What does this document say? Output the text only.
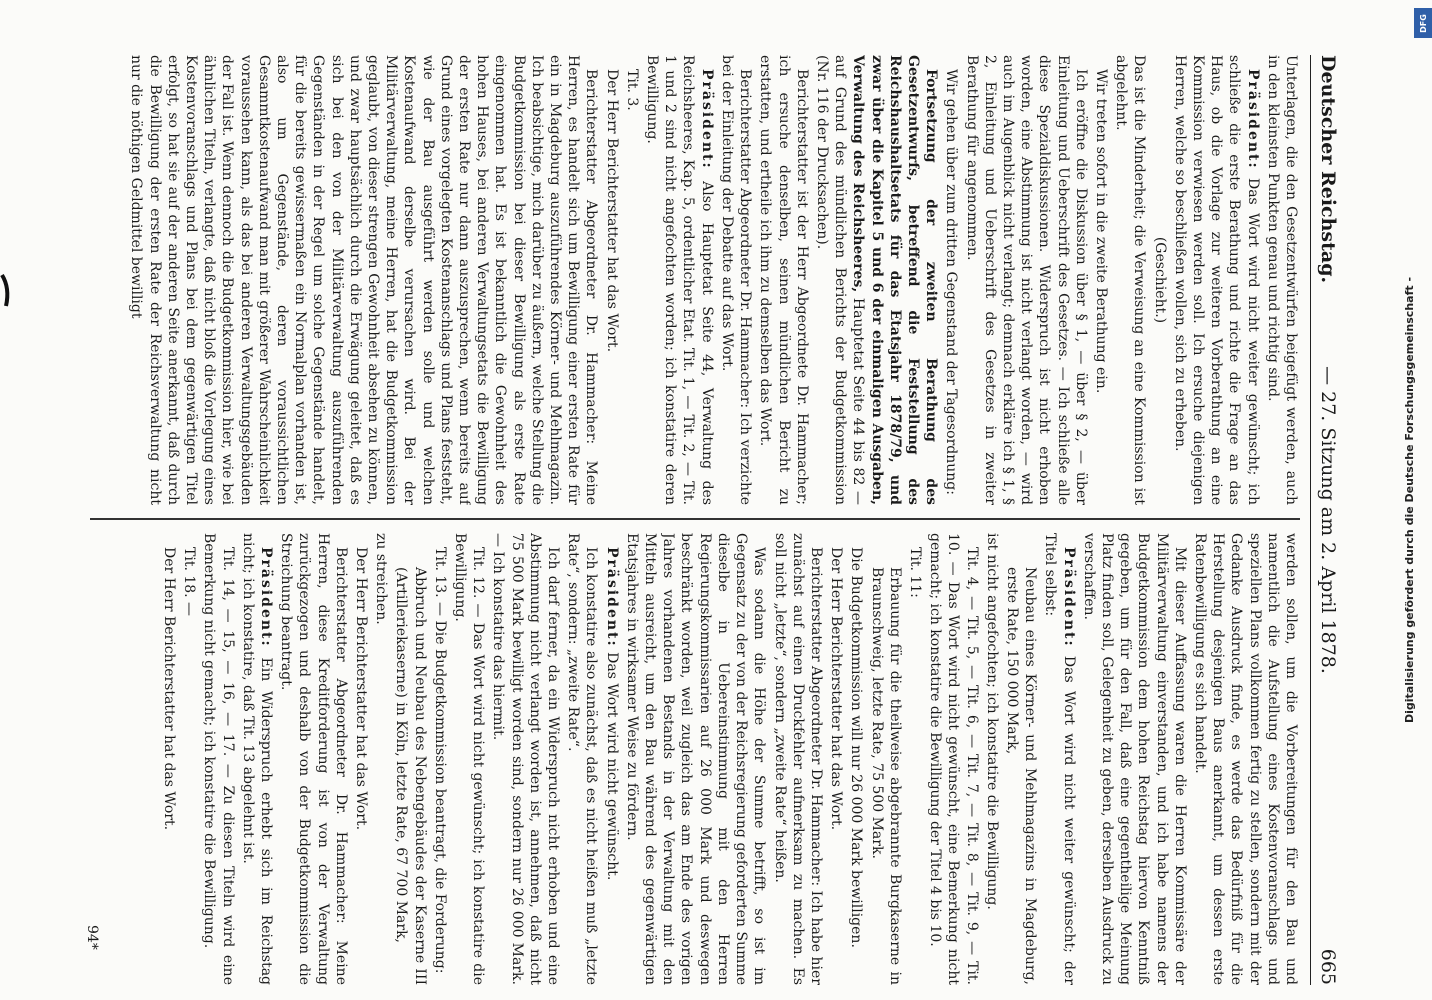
Deutscher Reichstag.
— 27. Sitzung am 2. April 1878.
665

Unterlagen, die den Gesetzentwürfen beigefügt werden, auch in den kleinsten Punkten genau und richtig sind.

Präsident: Das Wort wird nicht weiter gewünscht; ich schließe die erste Berathung und richte die Frage an das Haus, ob die Vorlage zur weiteren Vorberathung an eine Kommission verwiesen werden soll. Ich ersuche diejenigen Herren, welche so beschließen wollen, sich zu erheben.

(Geschieht.)

Das ist die Minderheit; die Verweisung an eine Kommission ist abgelehnt.

Wir treten sofort in die zweite Berathung ein.

Ich eröffne die Diskussion über § 1, — über § 2, — über Einleitung und Ueberschrift des Gesetzes. — Ich schließe alle diese Spezialdiskussionen. Widerspruch ist nicht erhoben worden, eine Abstimmung ist nicht verlangt worden, — wird auch im Augenblick nicht verlangt; demnach erkläre ich § 1, § 2, Einleitung und Ueberschrift des Gesetzes in zweiter Berathung für angenommen.

Wir gehen über zum dritten Gegenstand der Tagesordnung:

Fortsetzung der zweiten Berathung des Gesetzentwurfs, betreffend die Feststellung des Reichshaushaltsetats für das Etatsjahr 1878/79, und zwar über die Kapitel 5 und 6 der einmaligen Ausgaben, Verwaltung des Reichsheeres, Hauptetat Seite 44 bis 82 — auf Grund des mündlichen Berichts der Budgetkommission (Nr. 116 der Drucksachen).

Berichterstatter ist der Herr Abgeordnete Dr. Hammacher; ich ersuche denselben, seinen mündlichen Bericht zu erstatten, und ertheile ich ihm zu demselben das Wort.

Berichterstatter Abgeordneter Dr. Hammacher: Ich verzichte bei der Einleitung der Debatte auf das Wort.

Präsident: Also Hauptetat Seite 44, Verwaltung des Reichsheeres, Kap. 5, ordentlicher Etat. Tit. 1, — Tit. 2, — Tit. 1 und 2 sind nicht angefochten worden; ich konstatire deren Bewilligung.

Tit. 3.

Der Herr Berichterstatter hat das Wort.

Berichterstatter Abgeordneter Dr. Hammacher: Meine Herren, es handelt sich um Bewilligung einer ersten Rate für ein in Magdeburg auszuführendes Körner- und Mehlmagazin. Ich beabsichtige, mich darüber zu äußern, welche Stellung die Budgetkommission bei dieser Bewilligung als erste Rate eingenommen hat. Es ist bekanntlich die Gewohnheit des hohen Hauses, bei anderen Verwaltungsetats die Bewilligung der ersten Rate nur dann auszusprechen, wenn bereits auf Grund eines vorgelegten Kostenanschlags und Plans feststeht, wie der Bau ausgeführt werden solle und welchen Kostenaufwand derselbe verursachen wird. Bei der Militärverwaltung, meine Herren, hat die Budgetkommission geglaubt, von dieser strengen Gewohnheit absehen zu können, und zwar hauptsächlich durch die Erwägung geleitet, daß es sich bei den von der Militärverwaltung auszuführenden Gegenständen in der Regel um solche Gegenstände handelt, für die bereits gewissermaßen ein Normalplan vorhanden ist, also um Gegenstände, deren voraussichtlichen Gesammtkostenaufwand man mit größerer Wahrscheinlichkeit voraussehen kann, als das bei anderen Verwaltungsgebäuden der Fall ist. Wenn dennoch die Budgetkommission hier, wie bei ähnlichen Titeln, verlangte, daß nicht bloß die Vorlegung eines Kostenvoranschlags und Plans bei dem gegenwärtigen Titel erfolgt, so hat sie auf der anderen Seite anerkannt, daß durch die Bewilligung der ersten Rate der Reichsverwaltung nicht nur die nöthigen Geldmittel bewilligt

werden sollen, um die Vorbereitungen für den Bau und namentlich die Aufstellung eines Kostenvoranschlags und speziellen Plans vollkommen fertig zu stellen, sondern mit der Gedanke Ausdruck finde, es werde das Bedürfniß für die Herstellung desjenigen Baus anerkannt, um dessen erste Ratenbewilligung es sich handelt.

Mit dieser Auffassung waren die Herren Kommissäre der Militärverwaltung einverstanden, und ich habe namens der Budgetkommission dem hohen Reichstag hiervon Kenntniß gegeben, um für den Fall, daß eine gegentheilige Meinung Platz finden soll, Gelegenheit zu geben, derselben Ausdruck zu verschaffen.

Präsident: Das Wort wird nicht weiter gewünscht; der Titel selbst:

Neubau eines Körner- und Mehlmagazins in Magdeburg, erste Rate, 150 000 Mark,

ist nicht angefochten; ich konstatire die Bewilligung.

Tit. 4, — Tit. 5, — Tit. 6, — Tit. 7, — Tit. 8, — Tit. 9, — Tit. 10. — Das Wort wird nicht gewünscht, eine Bemerkung nicht gemacht; ich konstatire die Bewilligung der Titel 4 bis 10.

Tit. 11:

Erbauung für die theilweise abgebrannte Burgkaserne in Braunschweig, letzte Rate, 75 500 Mark.

Die Budgetkommission will nur 26 000 Mark bewilligen.

Der Herr Berichterstatter hat das Wort.

Berichterstatter Abgeordneter Dr. Hammacher: Ich habe hier zunächst auf einen Druckfehler aufmerksam zu machen. Es soll nicht „letzte“, sondern „zweite Rate“ heißen.

Was sodann die Höhe der Summe betrifft, so ist im Gegensatz zu der von der Reichsregierung geforderten Summe dieselbe in Uebereinstimmung mit den Herren Regierungskommissarien auf 26 000 Mark und deswegen beschränkt worden, weil zugleich das am Ende des vorigen Jahres vorhandenen Bestands in der Verwaltung mit den Mitteln ausreicht, um den Bau während des gegenwärtigen Etatsjahres in wirksamer Weise zu fördern.

Präsident: Das Wort wird nicht gewünscht.

Ich konstatire also zunächst, daß es nicht heißen muß „letzte Rate“, sondern: „zweite Rate“.

Ich darf ferner, da ein Widerspruch nicht erhoben und eine Abstimmung nicht verlangt worden ist, annehmen, daß nicht 75 500 Mark bewilligt worden sind, sondern nur 26 000 Mark. — Ich konstatire das hiermit.

Tit. 12. — Das Wort wird nicht gewünscht; ich konstatire die Bewilligung.

Tit. 13. — Die Budgetkommission beantragt, die Forderung:

Abbruch und Neubau des Nebengebäudes der Kaserne III (Artilleriekaserne) in Köln, letzte Rate, 67 700 Mark,

zu streichen.

Der Herr Berichterstatter hat das Wort.

Berichterstatter Abgeordneter Dr. Hammacher: Meine Herren, diese Kreditforderung ist von der Verwaltung zurückgezogen und deshalb von der Budgetkommission die Streichung beantragt.

Präsident: Ein Widerspruch erhebt sich im Reichstag nicht; ich konstatire, daß Tit. 13 abgelehnt ist.

Tit. 14, — 15, — 16, — 17. — Zu diesen Titeln wird eine Bemerkung nicht gemacht; ich konstatire die Bewilligung.

Tit. 18. —

Der Herr Berichterstatter hat das Wort.

94*
DFG
Digitalisierung gefördert durch die Deutsche Forschungsgemeinschaft -
